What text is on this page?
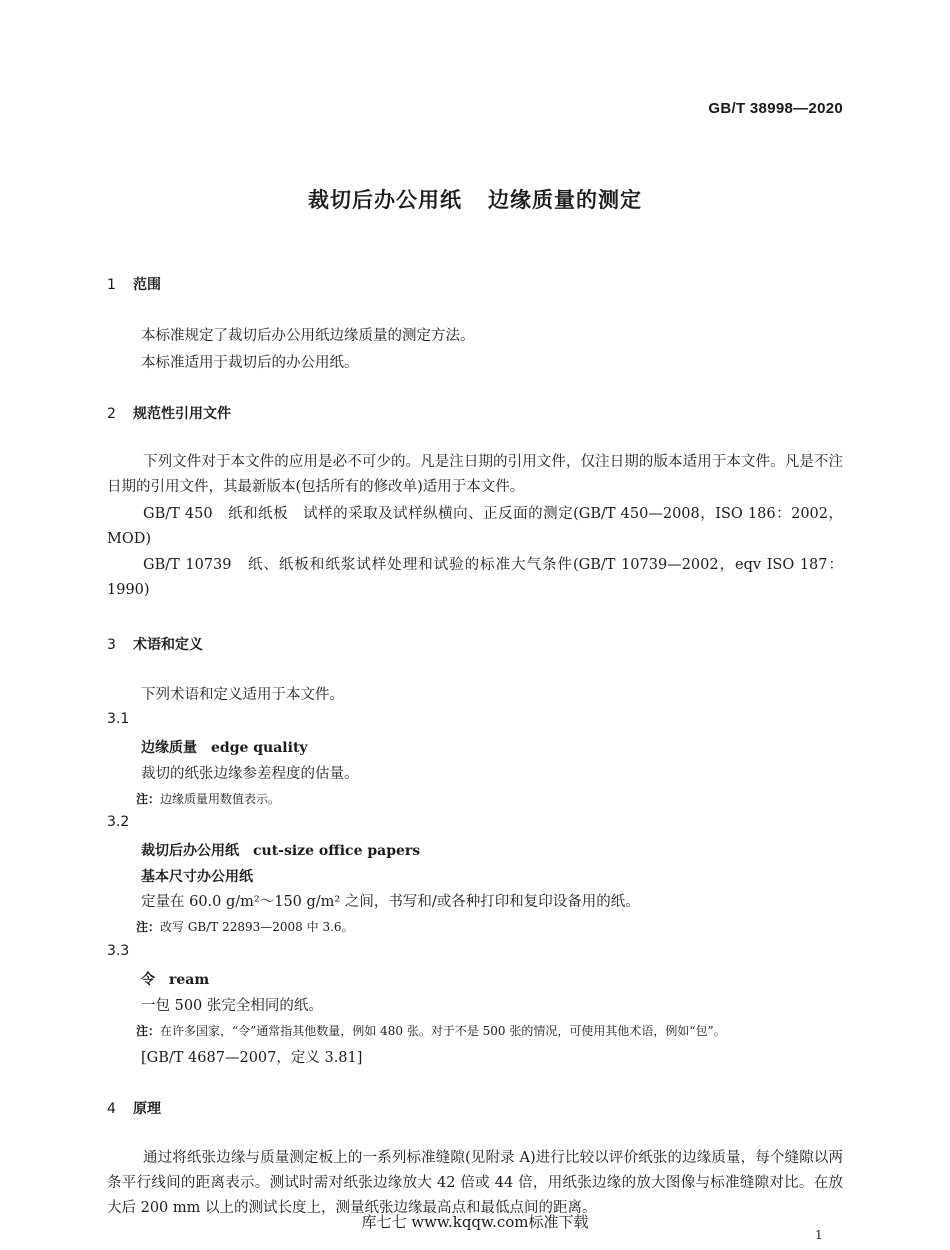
GB/T 38998—2020
裁切后办公用纸 边缘质量的测定
1 范围
本标准规定了裁切后办公用纸边缘质量的测定方法。
本标准适用于裁切后的办公用纸。
2 规范性引用文件
下列文件对于本文件的应用是必不可少的。凡是注日期的引用文件，仅注日期的版本适用于本文件。凡是不注日期的引用文件，其最新版本(包括所有的修改单)适用于本文件。
GB/T 450　纸和纸板　试样的采取及试样纵横向、正反面的测定(GB/T 450—2008，ISO 186：2002，MOD)
GB/T 10739　纸、纸板和纸浆试样处理和试验的标准大气条件(GB/T 10739—2002，eqv ISO 187：1990)
3 术语和定义
下列术语和定义适用于本文件。
3.1
边缘质量 edge quality
裁切的纸张边缘参差程度的估量。
注：边缘质量用数值表示。
3.2
裁切后办公用纸 cut-size office papers
基本尺寸办公用纸
定量在 60.0 g/m²～150 g/m² 之间，书写和/或各种打印和复印设备用的纸。
注：改写 GB/T 22893—2008 中 3.6。
3.3
令 ream
一包 500 张完全相同的纸。
注：在许多国家，“令”通常指其他数量，例如 480 张。对于不是 500 张的情况，可使用其他术语，例如“包”。
[GB/T 4687—2007，定义 3.81]
4 原理
通过将纸张边缘与质量测定板上的一系列标准缝隙(见附录 A)进行比较以评价纸张的边缘质量，每个缝隙以两条平行线间的距离表示。测试时需对纸张边缘放大 42 倍或 44 倍，用纸张边缘的放大图像与标准缝隙对比。在放大后 200 mm 以上的测试长度上，测量纸张边缘最高点和最低点间的距离。
库七七 www.kqqw.com标准下载
1
